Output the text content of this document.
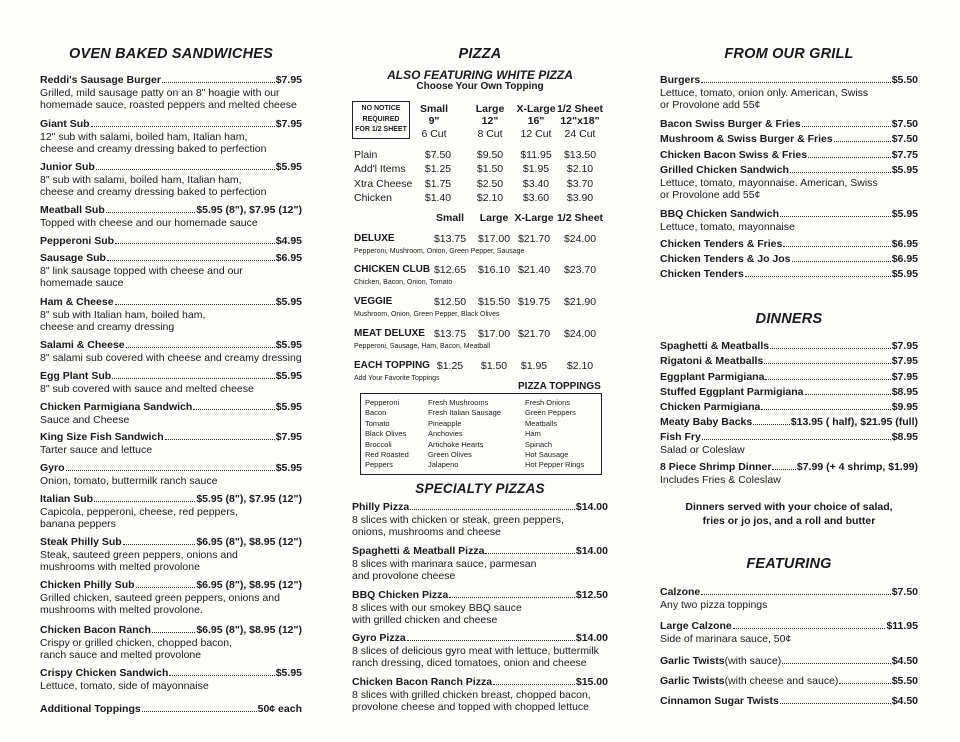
OVEN BAKED SANDWICHES
Reddi's Sausage Burger	$7.95
Grilled, mild sausage patty on an 8" hoagie with our
homemade sauce, roasted peppers and melted cheese
Giant Sub	$7.95
12" sub with salami, boiled ham, Italian ham,
cheese and creamy dressing baked to perfection
Junior Sub	$5.95
8" sub with salami, boiled ham, Italian ham,
cheese and creamy dressing baked to perfection
Meatball Sub	$5.95 (8"), $7.95 (12")
Topped with cheese and our homemade sauce
Pepperoni Sub	$4.95
Sausage Sub	$6.95
8" link sausage topped with cheese and our
homemade sauce
Ham & Cheese	$5.95
8" sub with Italian ham, boiled ham,
cheese and creamy dressing
Salami & Cheese	$5.95
8" salami sub covered with cheese and creamy dressing
Egg Plant Sub	$5.95
8" sub covered with sauce and melted cheese
Chicken Parmigiana Sandwich	$5.95
Sauce and Cheese
King Size Fish Sandwich	$7.95
Tarter sauce and lettuce
Gyro	$5.95
Onion, tomato, buttermilk ranch sauce
Italian Sub	$5.95 (8"), $7.95 (12")
Capicola, pepperoni, cheese, red peppers,
banana peppers
Steak Philly Sub	$6.95 (8"), $8.95 (12")
Steak, sauteed green peppers, onions and
mushrooms with melted provolone
Chicken Philly Sub	$6.95 (8"), $8.95 (12")
Grilled chicken, sauteed green peppers, onions and
mushrooms with melted provolone.
Chicken Bacon Ranch	$6.95 (8"), $8.95 (12")
Crispy or grilled chicken, chopped bacon,
ranch sauce and melted provolone
Crispy Chicken Sandwich	$5.95
Lettuce, tomato, side of mayonnaise
Additional Toppings	50¢ each
PIZZA
ALSO FEATURING WHITE PIZZA
Choose Your Own Topping
NO NOTICE
REQUIRED
FOR 1/2 SHEET
Small
9"
6 Cut
Large
12"
8 Cut
X-Large
16"
12 Cut
1/2 Sheet
12"x18"
24 Cut
Plain	$7.50	$9.50	$11.95	$13.50
Add'l Items	$1.25	$1.50	$1.95	$2.10
Xtra Cheese	$1.75	$2.50	$3.40	$3.70
Chicken	$1.40	$2.10	$3.60	$3.90
Small	Large X-Large 1/2 Sheet
DELUXE	$13.75	$17.00 $21.70	$24.00
Pepperoni, Mushroom, Onion, Green Pepper, Sausage
CHICKEN CLUB $12.65	$16.10 $21.40	$23.70
Chicken, Bacon, Onion, Tomato
VEGGIE	$12.50	$15.50 $19.75	$21.90
Mushroom, Onion, Green Pepper, Black Olives
MEAT DELUXE $13.75	$17.00 $21.70	$24.00
Pepperoni, Sausage, Ham, Bacon, Meatball
EACH TOPPING $1.25	$1.50	$1.95	$2.10
Add Your Favorite Toppings
PIZZA TOPPINGS
Pepperoni
Bacon
Tomato
Black Olives
Broccoli
Red Roasted
Peppers
Fresh Mushrooms
Fresh Italian Sausage
Pineapple
Anchovies
Artichoke Hearts
Green Olives
Jalapeno
Fresh Onions
Green Peppers
Meatballs
Ham
Spinach
Hot Sausage
Hot Pepper Rings
SPECIALTY PIZZAS
Philly Pizza	$14.00
8 slices with chicken or steak, green peppers,
onions, mushrooms and cheese
Spaghetti & Meatball Pizza	$14.00
8 slices with marinara sauce, parmesan
and provolone cheese
BBQ Chicken Pizza	$12.50
8 slices with our smokey BBQ sauce
with grilled chicken and cheese
Gyro Pizza	$14.00
8 slices of delicious gyro meat with lettuce, buttermilk
ranch dressing, diced tomatoes, onion and cheese
Chicken Bacon Ranch Pizza	$15.00
8 slices with grilled chicken breast, chopped bacon,
provolone cheese and topped with chopped lettuce
FROM OUR GRILL
Burgers	$5.50
Lettuce, tomato, onion only. American, Swiss
or Provolone add 55¢
Bacon Swiss Burger & Fries	$7.50
Mushroom & Swiss Burger & Fries	$7.50
Chicken Bacon Swiss & Fries	$7.75
Grilled Chicken Sandwich	$5.95
Lettuce, tomato, mayonnaise. American, Swiss
or Provolone add 55¢
BBQ Chicken Sandwich	$5.95
Lettuce, tomato, mayonnaise
Chicken Tenders & Fries	$6.95
Chicken Tenders & Jo Jos	$6.95
Chicken Tenders	$5.95
DINNERS
Spaghetti & Meatballs	$7.95
Rigatoni & Meatballs	$7.95
Eggplant Parmigiana	$7.95
Stuffed Eggplant Parmigiana	$8.95
Chicken Parmigiana	$9.95
Meaty Baby Backs	$13.95 ( half), $21.95 (full)
Fish Fry	$8.95
Salad or Coleslaw
8 Piece Shrimp Dinner $7.99 (+ 4 shrimp, $1.99)
Includes Fries & Coleslaw
Dinners served with your choice of salad,
fries or jo jos, and a roll and butter
FEATURING
Calzone	$7.50
Any two pizza toppings
Large Calzone	$11.95
Side of marinara sauce, 50¢
Garlic Twists (with sauce)	$4.50
Garlic Twists (with cheese and sauce)	$5.50
Cinnamon Sugar Twists	$4.50
